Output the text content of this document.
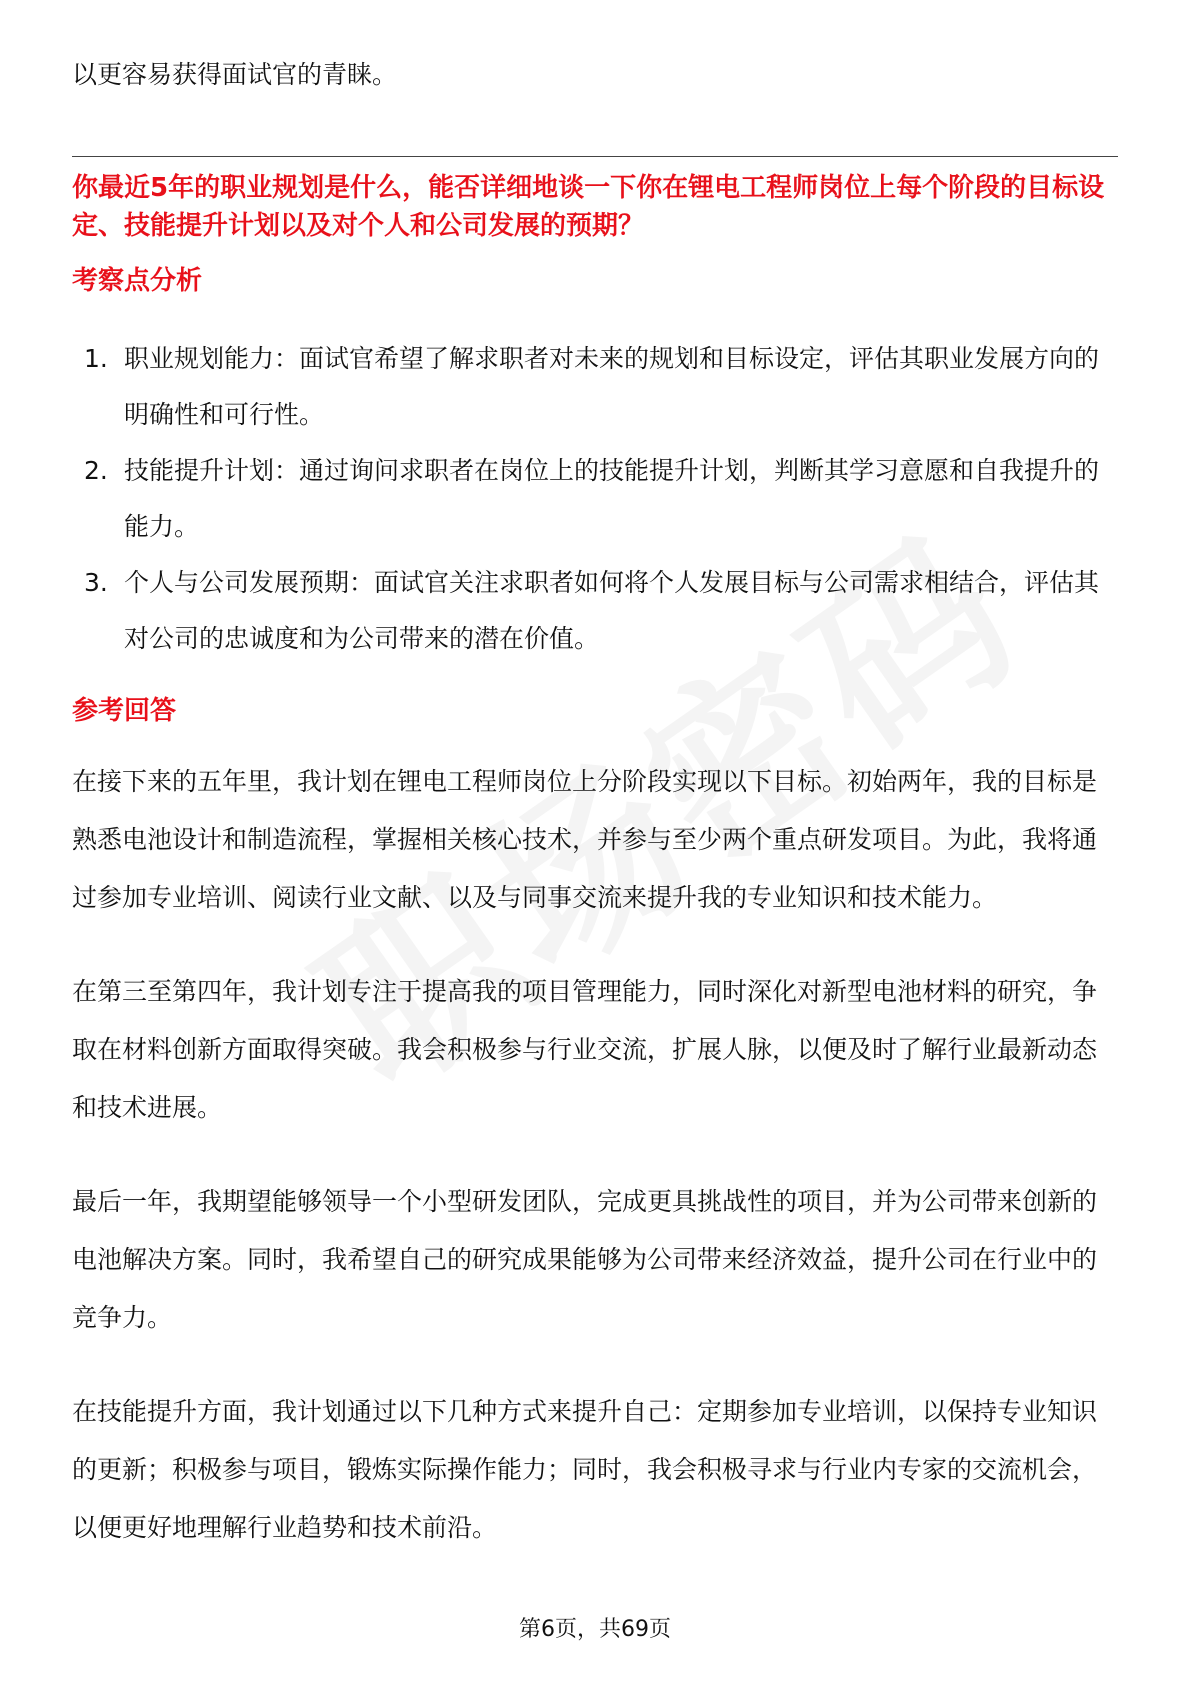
以更容易获得面试官的青睐。

你最近5年的职业规划是什么，能否详细地谈一下你在锂电工程师岗位上每个阶段的目标设定、技能提升计划以及对个人和公司发展的预期？

考察点分析
1. 职业规划能力：面试官希望了解求职者对未来的规划和目标设定，评估其职业发展方向的明确性和可行性。
2. 技能提升计划：通过询问求职者在岗位上的技能提升计划，判断其学习意愿和自我提升的能力。
3. 个人与公司发展预期：面试官关注求职者如何将个人发展目标与公司需求相结合，评估其对公司的忠诚度和为公司带来的潜在价值。
参考回答

在接下来的五年里，我计划在锂电工程师岗位上分阶段实现以下目标。初始两年，我的目标是熟悉电池设计和制造流程，掌握相关核心技术，并参与至少两个重点研发项目。为此，我将通过参加专业培训、阅读行业文献、以及与同事交流来提升我的专业知识和技术能力。

在第三至第四年，我计划专注于提高我的项目管理能力，同时深化对新型电池材料的研究，争取在材料创新方面取得突破。我会积极参与行业交流，扩展人脉，以便及时了解行业最新动态和技术进展。

最后一年，我期望能够领导一个小型研发团队，完成更具挑战性的项目，并为公司带来创新的电池解决方案。同时，我希望自己的研究成果能够为公司带来经济效益，提升公司在行业中的竞争力。

在技能提升方面，我计划通过以下几种方式来提升自己：定期参加专业培训，以保持专业知识的更新；积极参与项目，锻炼实际操作能力；同时，我会积极寻求与行业内专家的交流机会，以便更好地理解行业趋势和技术前沿。

第6页，共69页
